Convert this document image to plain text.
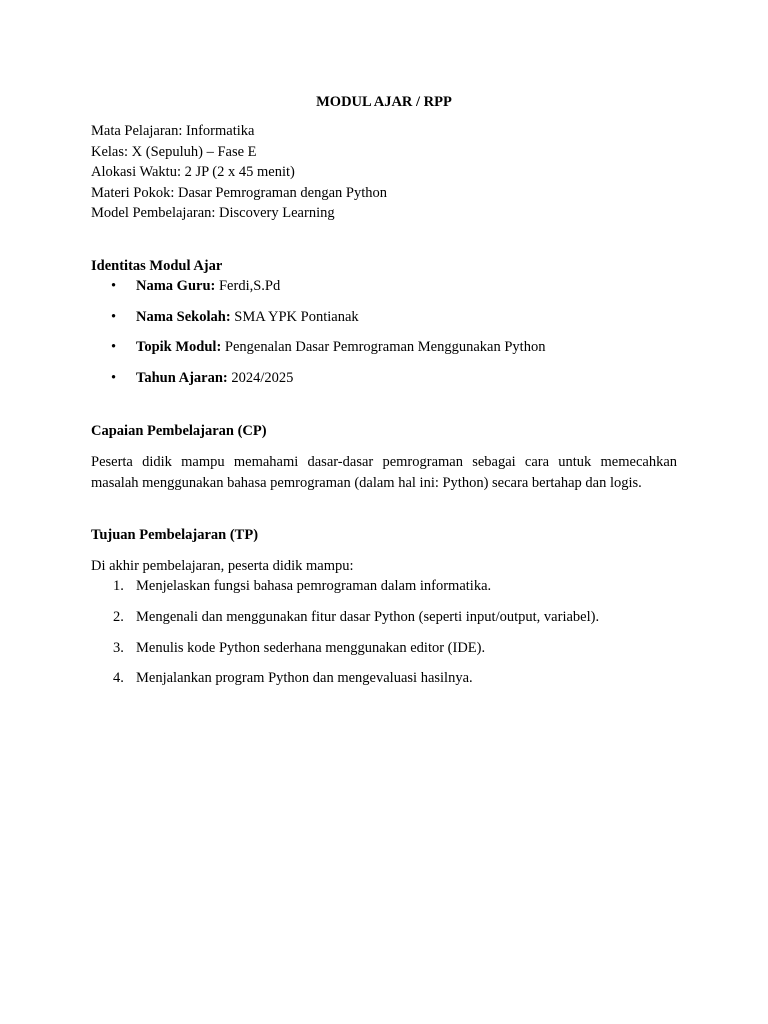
MODUL AJAR / RPP

Mata Pelajaran: Informatika

Kelas: X (Sepuluh) – Fase E

Alokasi Waktu: 2 JP (2 x 45 menit)

Materi Pokok: Dasar Pemrograman dengan Python

Model Pembelajaran: Discovery Learning

Identitas Modul Ajar

• Nama Guru: Ferdi,S.Pd
• Nama Sekolah: SMA YPK Pontianak
• Topik Modul: Pengenalan Dasar Pemrograman Menggunakan Python
• Tahun Ajaran: 2024/2025

Capaian Pembelajaran (CP)

Peserta didik mampu memahami dasar-dasar pemrograman sebagai cara untuk memecahkan masalah menggunakan bahasa pemrograman (dalam hal ini: Python) secara bertahap dan logis.

Tujuan Pembelajaran (TP)

Di akhir pembelajaran, peserta didik mampu:

1. Menjelaskan fungsi bahasa pemrograman dalam informatika.
2. Mengenali dan menggunakan fitur dasar Python (seperti input/output, variabel).
3. Menulis kode Python sederhana menggunakan editor (IDE).
4. Menjalankan program Python dan mengevaluasi hasilnya.
